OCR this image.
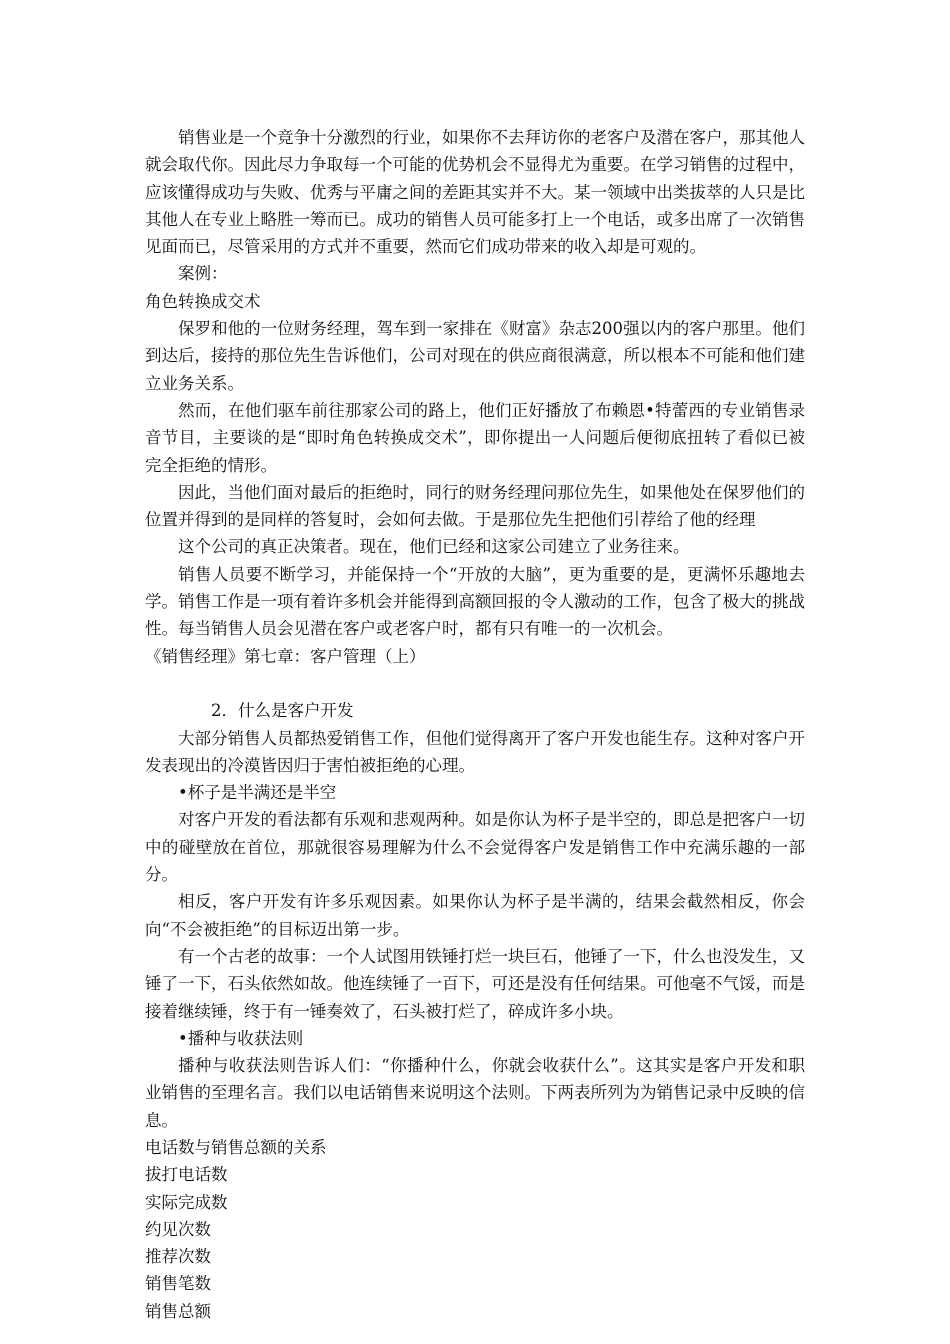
销售业是一个竞争十分激烈的行业，如果你不去拜访你的老客户及潜在客户，那其他人就会取代你。因此尽力争取每一个可能的优势机会不显得尤为重要。在学习销售的过程中，应该懂得成功与失败、优秀与平庸之间的差距其实并不大。某一领域中出类拔萃的人只是比其他人在专业上略胜一筹而已。成功的销售人员可能多打上一个电话，或多出席了一次销售见面而已，尽管采用的方式并不重要，然而它们成功带来的收入却是可观的。

案例：

角色转换成交术

保罗和他的一位财务经理，驾车到一家排在《财富》杂志200强以内的客户那里。他们到达后，接持的那位先生告诉他们，公司对现在的供应商很满意，所以根本不可能和他们建立业务关系。

然而，在他们驱车前往那家公司的路上，他们正好播放了布赖恩•特蕾西的专业销售录音节目，主要谈的是“即时角色转换成交术”，即你提出一人问题后便彻底扭转了看似已被完全拒绝的情形。

因此，当他们面对最后的拒绝时，同行的财务经理问那位先生，如果他处在保罗他们的位置并得到的是同样的答复时，会如何去做。于是那位先生把他们引荐给了他的经理

这个公司的真正决策者。现在，他们已经和这家公司建立了业务往来。

销售人员要不断学习，并能保持一个“开放的大脑”，更为重要的是，更满怀乐趣地去学。销售工作是一项有着许多机会并能得到高额回报的令人激动的工作，包含了极大的挑战性。每当销售人员会见潜在客户或老客户时，都有只有唯一的一次机会。

《销售经理》第七章：客户管理（上）

2．什么是客户开发

大部分销售人员都热爱销售工作，但他们觉得离开了客户开发也能生存。这种对客户开发表现出的冷漠皆因归于害怕被拒绝的心理。

•杯子是半满还是半空

对客户开发的看法都有乐观和悲观两种。如是你认为杯子是半空的，即总是把客户一切中的碰壁放在首位，那就很容易理解为什么不会觉得客户发是销售工作中充满乐趣的一部分。

相反，客户开发有许多乐观因素。如果你认为杯子是半满的，结果会截然相反，你会向“不会被拒绝”的目标迈出第一步。

有一个古老的故事：一个人试图用铁锤打烂一块巨石，他锤了一下，什么也没发生，又锤了一下，石头依然如故。他连续锤了一百下，可还是没有任何结果。可他毫不气馁，而是接着继续锤，终于有一锤奏效了，石头被打烂了，碎成许多小块。

•播种与收获法则

播种与收获法则告诉人们：“你播种什么，你就会收获什么”。这其实是客户开发和职业销售的至理名言。我们以电话销售来说明这个法则。下两表所列为为销售记录中反映的信息。

电话数与销售总额的关系

拔打电话数

实际完成数

约见次数

推荐次数

销售笔数

销售总额
